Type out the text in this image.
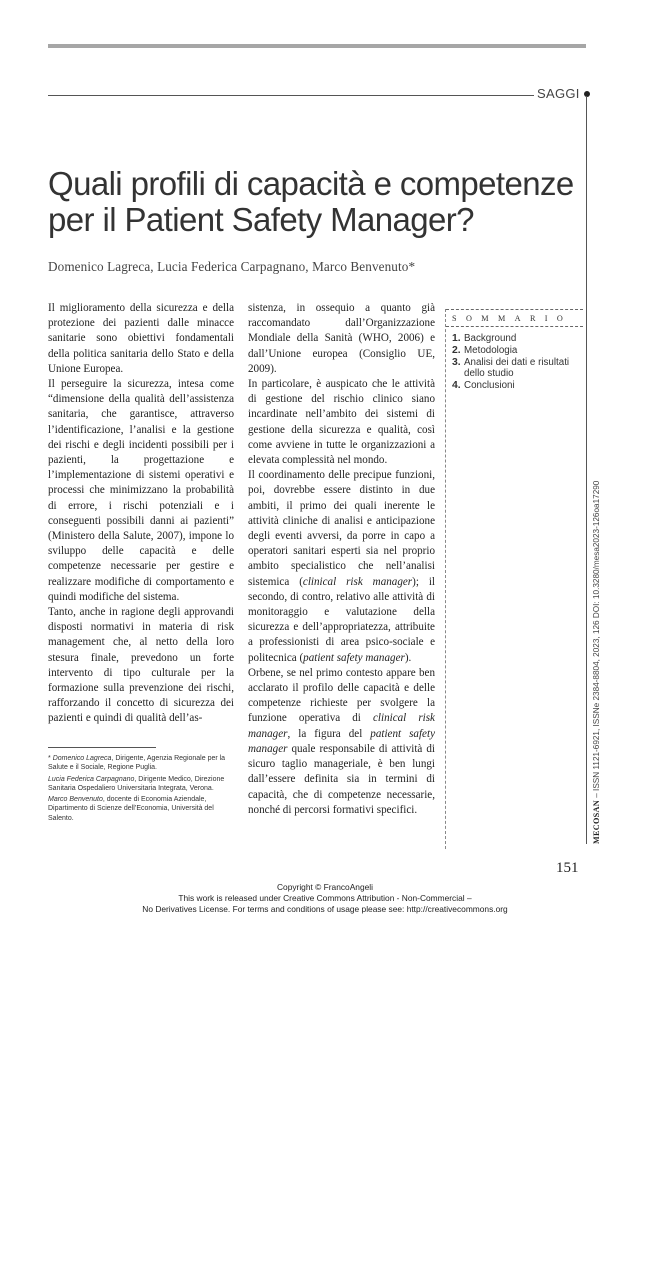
SAGGI
Quali profili di capacità e competenze
per il Patient Safety Manager?
Domenico Lagreca, Lucia Federica Carpagnano, Marco Benvenuto*

Il miglioramento della sicurezza e della protezione dei pazienti dalle minacce sanitarie sono obiettivi fondamentali della politica sanitaria dello Stato e della Unione Europea.

Il perseguire la sicurezza, intesa come “dimensione della qualità dell’assistenza sanitaria, che garantisce, attraverso l’identificazione, l’analisi e la gestione dei rischi e degli incidenti possibili per i pazienti, la progettazione e l’implementazione di sistemi operativi e processi che minimizzano la probabilità di errore, i rischi potenziali e i conseguenti possibili danni ai pazienti” (Ministero della Salute, 2007), impone lo sviluppo delle capacità e delle competenze necessarie per gestire e realizzare modifiche di comportamento e quindi modifiche del sistema.

Tanto, anche in ragione degli approvandi disposti normativi in materia di risk management che, al netto della loro stesura finale, prevedono un forte intervento di tipo culturale per la formazione sulla prevenzione dei rischi, rafforzando il concetto di sicurezza dei pazienti e quindi di qualità dell’as-

sistenza, in ossequio a quanto già raccomandato dall’Organizzazione Mondiale della Sanità (WHO, 2006) e dall’Unione europea (Consiglio UE, 2009).

In particolare, è auspicato che le attività di gestione del rischio clinico siano incardinate nell’ambito dei sistemi di gestione della sicurezza e qualità, così come avviene in tutte le organizzazioni a elevata complessità nel mondo.

Il coordinamento delle precipue funzioni, poi, dovrebbe essere distinto in due ambiti, il primo dei quali inerente le attività cliniche di analisi e anticipazione degli eventi avversi, da porre in capo a operatori sanitari esperti sia nel proprio ambito specialistico che nell’analisi sistemica (clinical risk manager); il secondo, di contro, relativo alle attività di monitoraggio e valutazione della sicurezza e dell’appropriatezza, attribuite a professionisti di area psico-sociale e politecnica (patient safety manager).

Orbene, se nel primo contesto appare ben acclarato il profilo delle capacità e delle competenze richieste per svolgere la funzione operativa di clinical risk manager, la figura del patient safety manager quale responsabile di attività di sicuro taglio manageriale, è ben lungi dall’essere definita sia in termini di capacità, che di competenze necessarie, nonché di percorsi formativi specifici.

SOMMARIO
1. Background
2. Metodologia
3. Analisi dei dati e risultati dello studio
4. Conclusioni

* Domenico Lagreca, Dirigente, Agenzia Regionale per la Salute e il Sociale, Regione Puglia.

Lucia Federica Carpagnano, Dirigente Medico, Direzione Sanitaria Ospedaliero Universitaria Integrata, Verona.

Marco Benvenuto, docente di Economia Aziendale, Dipartimento di Scienze dell’Economia, Università del Salento.	MECOSAN – ISSN 1121-6921, ISSNe 2384-8804, 2023, 126 DOI: 10.3280/mesa2023-126oa17290
151
Copyright © FrancoAngeli
This work is released under Creative Commons Attribution - Non-Commercial –
No Derivatives License. For terms and conditions of usage please see: http://creativecommons.org
